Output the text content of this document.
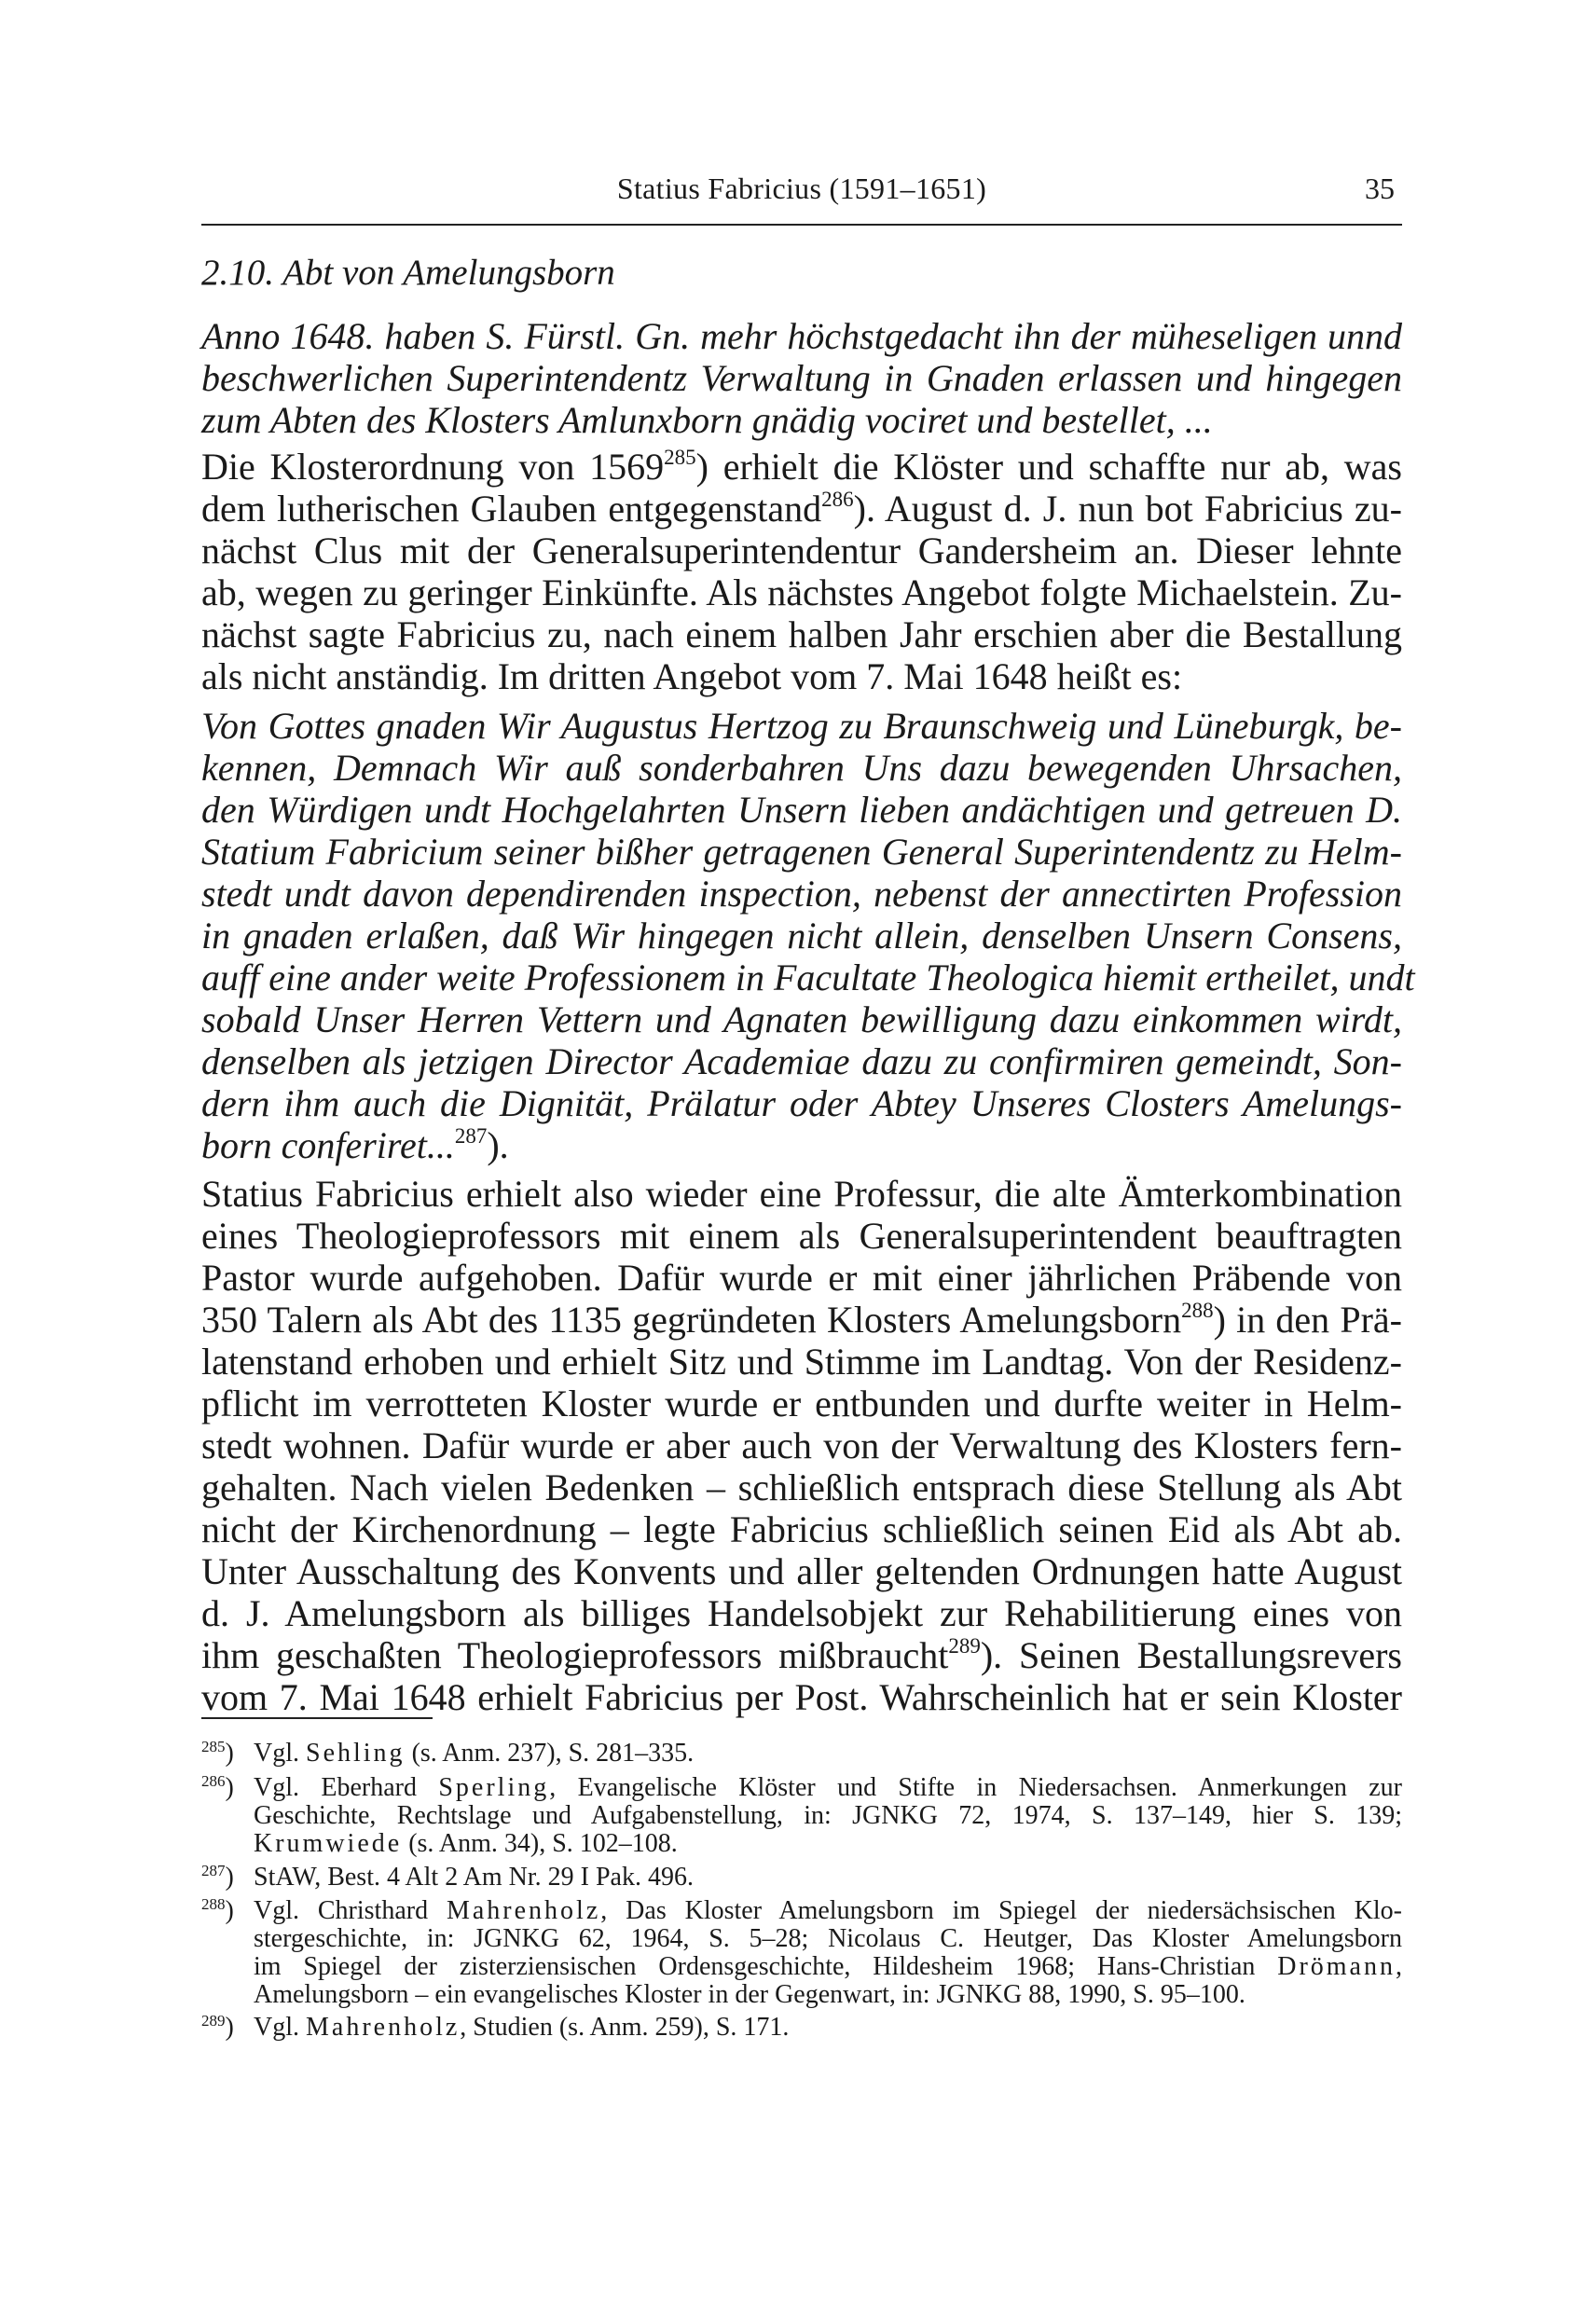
Statius Fabricius (1591–1651)	35
2.10. Abt von Amelungsborn
Anno 1648. haben S. Fürstl. Gn. mehr höchstgedacht ihn der müheseligen unnd
beschwerlichen Superintendentz Verwaltung in Gnaden erlassen und hingegen
zum Abten des Klosters Amlunxborn gnädig vociret und bestellet, ...
Die Klosterordnung von 1569$^{285}$) erhielt die Klöster und schaffte nur ab, was
dem lutherischen Glauben entgegenstand$^{286}$). August d. J. nun bot Fabricius zu-
nächst Clus mit der Generalsuperintendentur Gandersheim an. Dieser lehnte
ab, wegen zu geringer Einkünfte. Als nächstes Angebot folgte Michaelstein. Zu-
nächst sagte Fabricius zu, nach einem halben Jahr erschien aber die Bestallung
als nicht anständig. Im dritten Angebot vom 7. Mai 1648 heißt es:
Von Gottes gnaden Wir Augustus Hertzog zu Braunschweig und Lüneburgk, be-
kennen, Demnach Wir auß sonderbahren Uns dazu bewegenden Uhrsachen,
den Würdigen undt Hochgelahrten Unsern lieben andächtigen und getreuen D.
Statium Fabricium seiner bißher getragenen General Superintendentz zu Helm-
stedt undt davon dependirenden inspection, nebenst der annectirten Profession
in gnaden erlaßen, daß Wir hingegen nicht allein, denselben Unsern Consens,
auff eine ander weite Professionem in Facultate Theologica hiemit ertheilet, undt
sobald Unser Herren Vettern und Agnaten bewilligung dazu einkommen wirdt,
denselben als jetzigen Director Academiae dazu zu confirmiren gemeindt, Son-
dern ihm auch die Dignität, Prälatur oder Abtey Unseres Closters Amelungs-
born conferiret...$^{287}$).
Statius Fabricius erhielt also wieder eine Professur, die alte Ämterkombination
eines Theologieprofessors mit einem als Generalsuperintendent beauftragten
Pastor wurde aufgehoben. Dafür wurde er mit einer jährlichen Präbende von
350 Talern als Abt des 1135 gegründeten Klosters Amelungsborn$^{288}$) in den Prä-
latenstand erhoben und erhielt Sitz und Stimme im Landtag. Von der Residenz-
pflicht im verrotteten Kloster wurde er entbunden und durfte weiter in Helm-
stedt wohnen. Dafür wurde er aber auch von der Verwaltung des Klosters fern-
gehalten. Nach vielen Bedenken – schließlich entsprach diese Stellung als Abt
nicht der Kirchenordnung – legte Fabricius schließlich seinen Eid als Abt ab.
Unter Ausschaltung des Konvents und aller geltenden Ordnungen hatte August
d. J. Amelungsborn als billiges Handelsobjekt zur Rehabilitierung eines von
ihm geschaßten Theologieprofessors mißbraucht$^{289}$). Seinen Bestallungsrevers
vom 7. Mai 1648 erhielt Fabricius per Post. Wahrscheinlich hat er sein Kloster
$^{285}$) Vgl. Sehling (s. Anm. 237), S. 281–335.
$^{286}$) Vgl. Eberhard Sperling, Evangelische Klöster und Stifte in Niedersachsen. Anmerkungen zur
Geschichte, Rechtslage und Aufgabenstellung, in: JGNKG 72, 1974, S. 137–149, hier S. 139;
Krumwiede (s. Anm. 34), S. 102–108.
$^{287}$) StAW, Best. 4 Alt 2 Am Nr. 29 I Pak. 496.
$^{288}$) Vgl. Christhard Mahrenholz, Das Kloster Amelungsborn im Spiegel der niedersächsischen Klo-
stergeschichte, in: JGNKG 62, 1964, S. 5–28; Nicolaus C. Heutger, Das Kloster Amelungsborn
im Spiegel der zisterziensischen Ordensgeschichte, Hildesheim 1968; Hans-Christian Drömann,
Amelungsborn – ein evangelisches Kloster in der Gegenwart, in: JGNKG 88, 1990, S. 95–100.
$^{289}$) Vgl. Mahrenholz, Studien (s. Anm. 259), S. 171.
